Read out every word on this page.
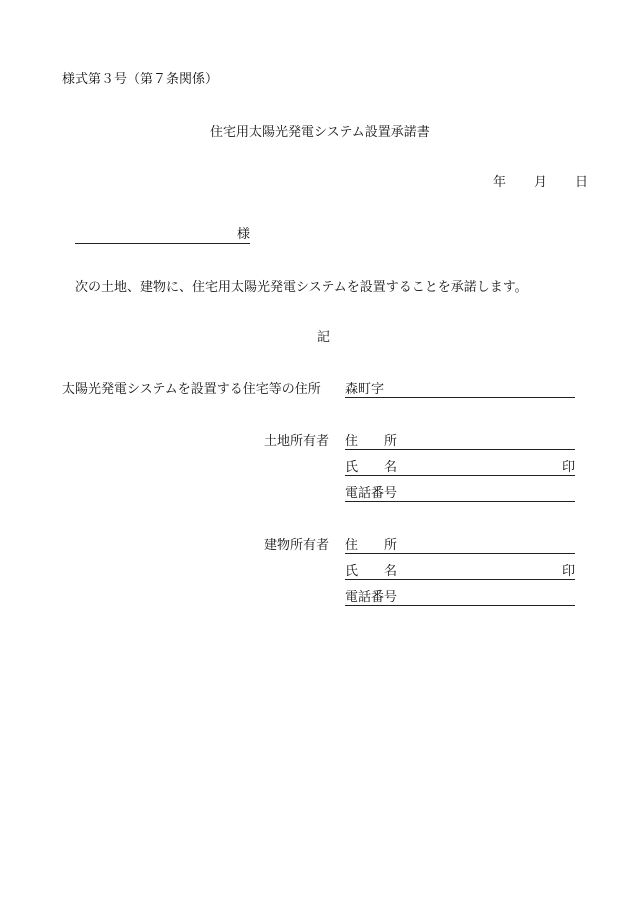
様式第３号（第７条関係）
住宅用太陽光発電システム設置承諾書
年 月 日
様
次の土地、建物に、住宅用太陽光発電システムを設置することを承諾します。
記
太陽光発電システムを設置する住宅等の住所 森町字
土地所有者 住 所
氏 名	印
電話番号
建物所有者 住 所
氏 名	印
電話番号
